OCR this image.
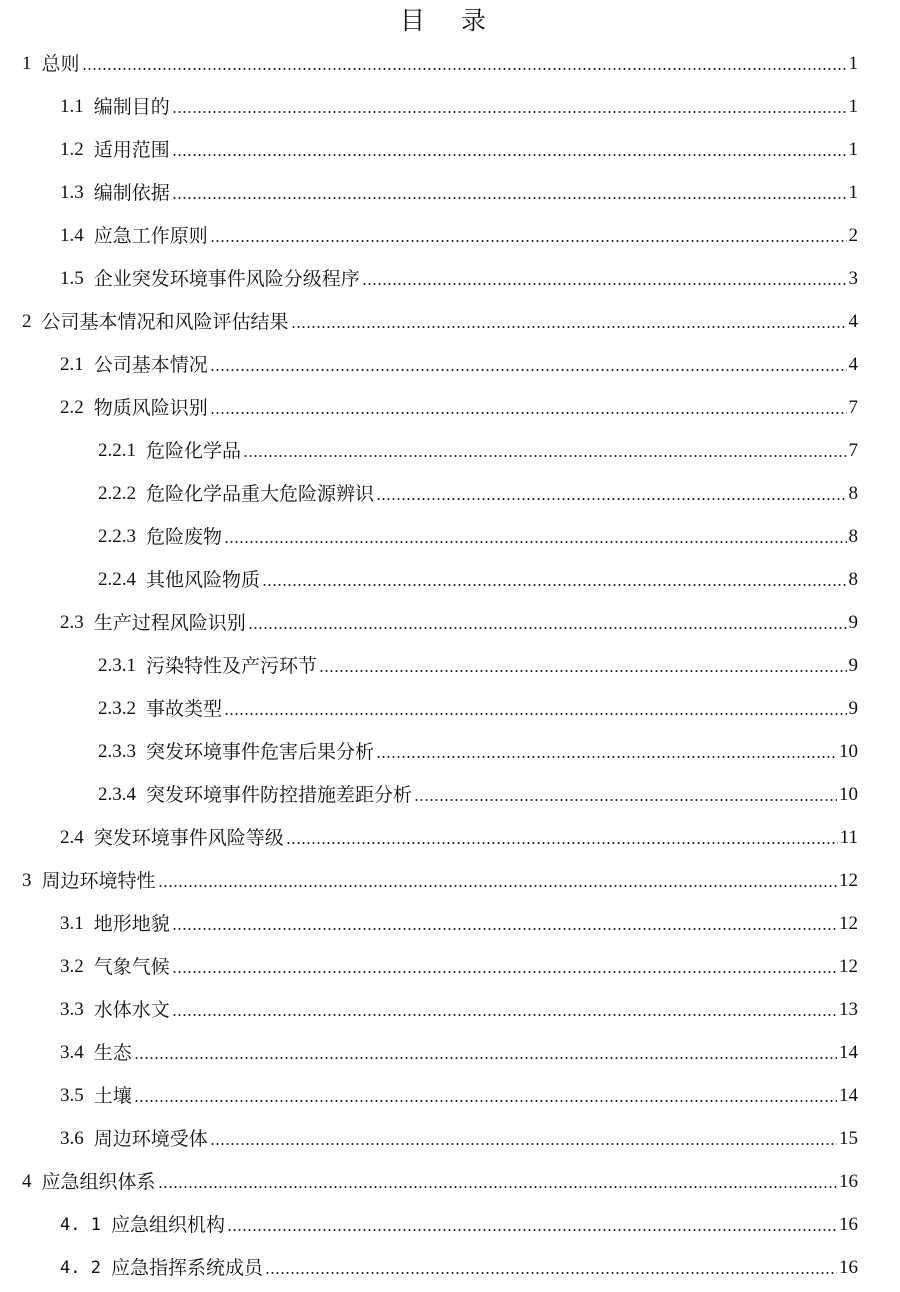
目 录
1 总则	1
1.1 编制目的	1
1.2 适用范围	1
1.3 编制依据	1
1.4 应急工作原则	2
1.5 企业突发环境事件风险分级程序	3
2 公司基本情况和风险评估结果	4
2.1 公司基本情况	4
2.2 物质风险识别	7
2.2.1 危险化学品	7
2.2.2 危险化学品重大危险源辨识	8
2.2.3 危险废物	8
2.2.4 其他风险物质	8
2.3 生产过程风险识别	9
2.3.1 污染特性及产污环节	9
2.3.2 事故类型	9
2.3.3 突发环境事件危害后果分析	10
2.3.4 突发环境事件防控措施差距分析	10
2.4 突发环境事件风险等级	11
3 周边环境特性	12
3.1 地形地貌	12
3.2 气象气候	12
3.3 水体水文	13
3.4 生态	14
3.5 土壤	14
3.6 周边环境受体	15
4 应急组织体系	16
4. 1 应急组织机构	16
4. 2 应急指挥系统成员	16
